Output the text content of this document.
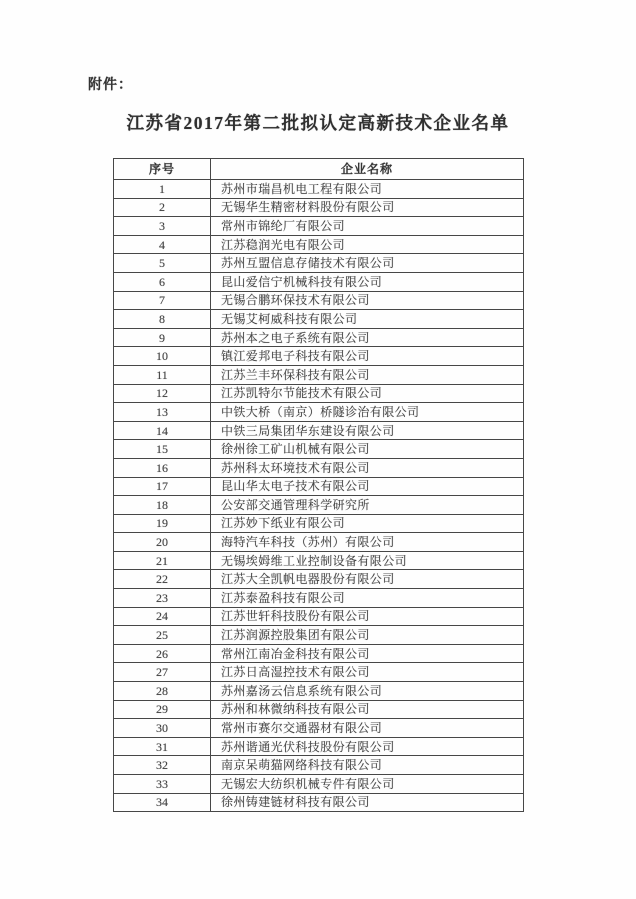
附件：
江苏省2017年第二批拟认定高新技术企业名单
序号	企业名称
1	苏州市瑞昌机电工程有限公司
2	无锡华生精密材料股份有限公司
3	常州市锦纶厂有限公司
4	江苏稳润光电有限公司
5	苏州互盟信息存储技术有限公司
6	昆山爱信宁机械科技有限公司
7	无锡合鹏环保技术有限公司
8	无锡艾柯威科技有限公司
9	苏州本之电子系统有限公司
10	镇江爱邦电子科技有限公司
11	江苏兰丰环保科技有限公司
12	江苏凯特尔节能技术有限公司
13	中铁大桥（南京）桥隧诊治有限公司
14	中铁三局集团华东建设有限公司
15	徐州徐工矿山机械有限公司
16	苏州科太环境技术有限公司
17	昆山华太电子技术有限公司
18	公安部交通管理科学研究所
19	江苏妙下纸业有限公司
20	海特汽车科技（苏州）有限公司
21	无锡埃姆维工业控制设备有限公司
22	江苏大全凯帆电器股份有限公司
23	江苏泰盈科技有限公司
24	江苏世轩科技股份有限公司
25	江苏润源控股集团有限公司
26	常州江南冶金科技有限公司
27	江苏日高湿控技术有限公司
28	苏州嘉汤云信息系统有限公司
29	苏州和林微纳科技有限公司
30	常州市赛尔交通器材有限公司
31	苏州谐通光伏科技股份有限公司
32	南京呆萌猫网络科技有限公司
33	无锡宏大纺织机械专件有限公司
34	徐州铸建链材科技有限公司
